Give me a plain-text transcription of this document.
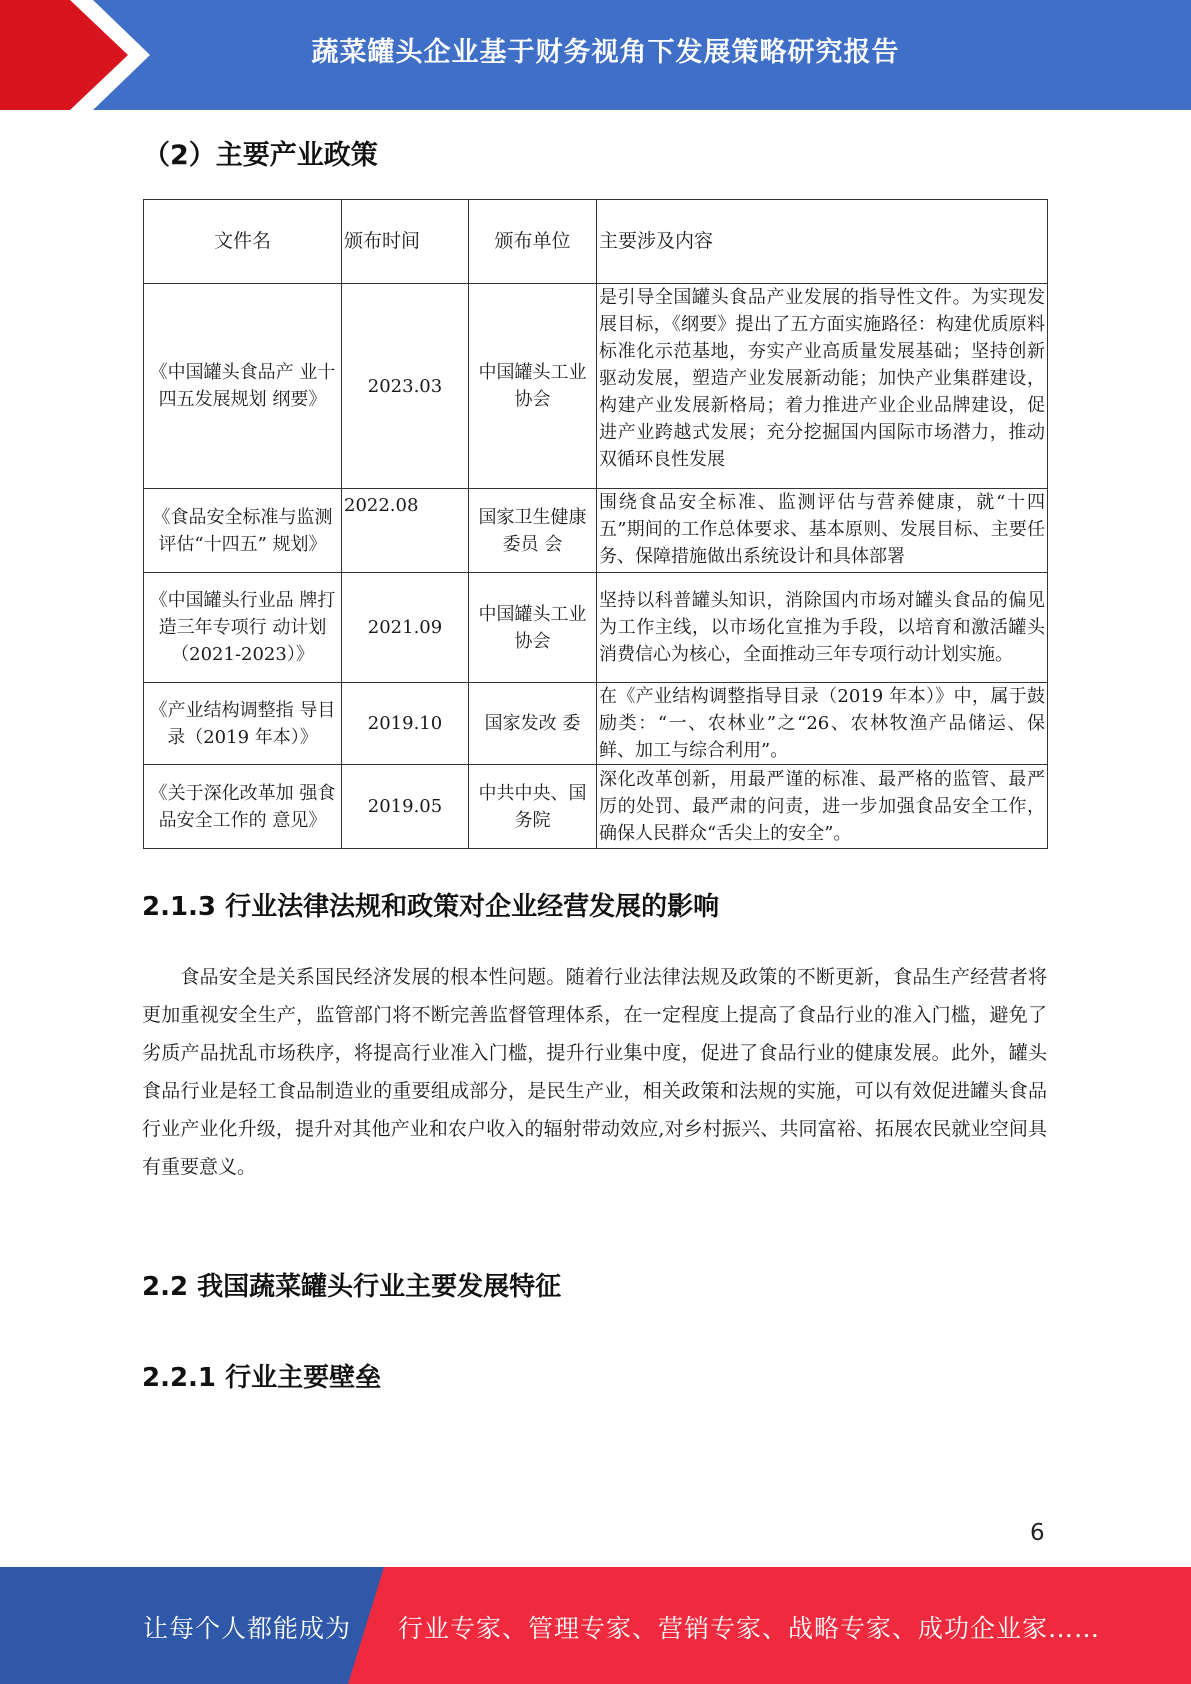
蔬菜罐头企业基于财务视角下发展策略研究报告
（2）主要产业政策
文件名	颁布时间	颁布单位	主要涉及内容
《中国罐头食品产 业十四五发展规划 纲要》	2023.03	中国罐头工业协会	是引导全国罐头食品产业发展的指导性文件。为实现发展目标，《纲要》提出了五方面实施路径：构建优质原料标准化示范基地，夯实产业高质量发展基础；坚持创新驱动发展，塑造产业发展新动能；加快产业集群建设，构建产业发展新格局；着力推进产业企业品牌建设，促进产业跨越式发展；充分挖掘国内国际市场潜力，推动双循环良性发展

《食品安全标准与监测评估“十四五” 规划》	2022.08	国家卫生健康委员 会	围绕食品安全标准、监测评估与营养健康，就“十四五”期间的工作总体要求、基本原则、发展目标、主要任务、保障措施做出系统设计和具体部署

《中国罐头行业品 牌打造三年专项行 动计划（2021-2023）》	2021.09	中国罐头工业协会	坚持以科普罐头知识，消除国内市场对罐头食品的偏见为工作主线，以市场化宣推为手段，以培育和激活罐头消费信心为核心，全面推动三年专项行动计划实施。
《产业结构调整指 导目录（2019 年本）》	2019.10	国家发改 委	在《产业结构调整指导目录（2019 年本）》中，属于鼓励类：“一、农林业”之“26、农林牧渔产品储运、保鲜、加工与综合利用”。
《关于深化改革加 强食品安全工作的 意见》	2019.05	中共中央、国务院	深化改革创新，用最严谨的标准、最严格的监管、最严厉的处罚、最严肃的问责，进一步加强食品安全工作，确保人民群众“舌尖上的安全”。
2.1.3 行业法律法规和政策对企业经营发展的影响
食品安全是关系国民经济发展的根本性问题。随着行业法律法规及政策的不断更新，食品生产经营者将更加重视安全生产，监管部门将不断完善监督管理体系，在一定程度上提高了食品行业的准入门槛，避免了劣质产品扰乱市场秩序，将提高行业准入门槛，提升行业集中度，促进了食品行业的健康发展。此外，罐头食品行业是轻工食品制造业的重要组成部分，是民生产业，相关政策和法规的实施，可以有效促进罐头食品行业产业化升级，提升对其他产业和农户收入的辐射带动效应,对乡村振兴、共同富裕、拓展农民就业空间具有重要意义。
2.2 我国蔬菜罐头行业主要发展特征
2.2.1 行业主要壁垒
6
让每个人都能成为 行业专家、管理专家、营销专家、战略专家、成功企业家……
